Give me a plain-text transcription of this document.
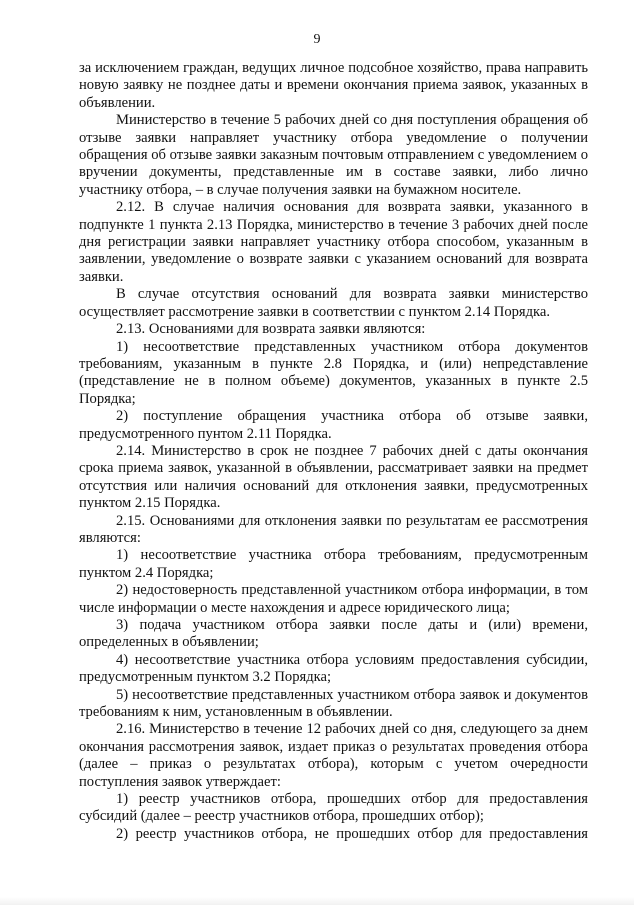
9

за исключением граждан, ведущих личное подсобное хозяйство, права направить новую заявку не позднее даты и времени окончания приема заявок, указанных в объявлении.

Министерство в течение 5 рабочих дней со дня поступления обращения об отзыве заявки направляет участнику отбора уведомление о получении обращения об отзыве заявки заказным почтовым отправлением с уведомлением о вручении документы, представленные им в составе заявки, либо лично участнику отбора, – в случае получения заявки на бумажном носителе.

2.12. В случае наличия основания для возврата заявки, указанного в подпункте 1 пункта 2.13 Порядка, министерство в течение 3 рабочих дней после дня регистрации заявки направляет участнику отбора способом, указанным в заявлении, уведомление о возврате заявки с указанием оснований для возврата заявки.

В случае отсутствия оснований для возврата заявки министерство осуществляет рассмотрение заявки в соответствии с пунктом 2.14 Порядка.

2.13. Основаниями для возврата заявки являются:

1) несоответствие представленных участником отбора документов требованиям, указанным в пункте 2.8 Порядка, и (или) непредставление (представление не в полном объеме) документов, указанных в пункте 2.5 Порядка;

2) поступление обращения участника отбора об отзыве заявки, предусмотренного пунтом 2.11 Порядка.

2.14. Министерство в срок не позднее 7 рабочих дней с даты окончания срока приема заявок, указанной в объявлении, рассматривает заявки на предмет отсутствия или наличия оснований для отклонения заявки, предусмотренных пунктом 2.15 Порядка.

2.15. Основаниями для отклонения заявки по результатам ее рассмотрения являются:

1) несоответствие участника отбора требованиям, предусмотренным пунктом 2.4 Порядка;

2) недостоверность представленной участником отбора информации, в том числе информации о месте нахождения и адресе юридического лица;

3) подача участником отбора заявки после даты и (или) времени, определенных в объявлении;

4) несоответствие участника отбора условиям предоставления субсидии, предусмотренным пунктом 3.2 Порядка;

5) несоответствие представленных участником отбора заявок и документов требованиям к ним, установленным в объявлении.

2.16. Министерство в течение 12 рабочих дней со дня, следующего за днем окончания рассмотрения заявок, издает приказ о результатах проведения отбора (далее – приказ о результатах отбора), которым с учетом очередности поступления заявок утверждает:

1) реестр участников отбора, прошедших отбор для предоставления субсидий (далее – реестр участников отбора, прошедших отбор);

2) реестр участников отбора, не прошедших отбор для предоставления
